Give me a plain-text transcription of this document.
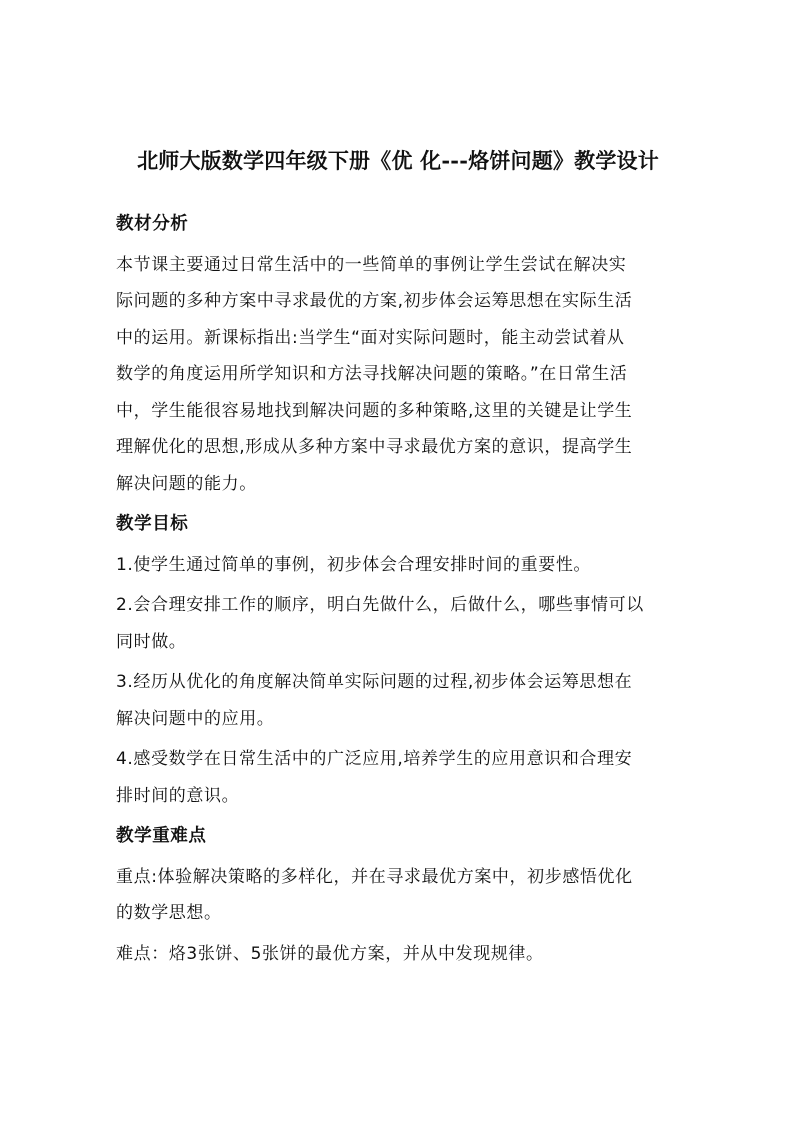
北师大版数学四年级下册《优 化---烙饼问题》教学设计
教材分析
本节课主要通过日常生活中的一些简单的事例让学生尝试在解决实
际问题的多种方案中寻求最优的方案,初步体会运筹思想在实际生活
中的运用。新课标指出:当学生“面对实际问题时，能主动尝试着从
数学的角度运用所学知识和方法寻找解决问题的策略。”在日常生活
中，学生能很容易地找到解决问题的多种策略,这里的关键是让学生
理解优化的思想,形成从多种方案中寻求最优方案的意识，提高学生
解决问题的能力。
教学目标
1.使学生通过简单的事例，初步体会合理安排时间的重要性。
2.会合理安排工作的顺序，明白先做什么，后做什么，哪些事情可以
同时做。
3.经历从优化的角度解决简单实际问题的过程,初步体会运筹思想在
解决问题中的应用。
4.感受数学在日常生活中的广泛应用,培养学生的应用意识和合理安
排时间的意识。
教学重难点
重点:体验解决策略的多样化，并在寻求最优方案中，初步感悟优化
的数学思想。
难点：烙3张饼、5张饼的最优方案，并从中发现规律。
